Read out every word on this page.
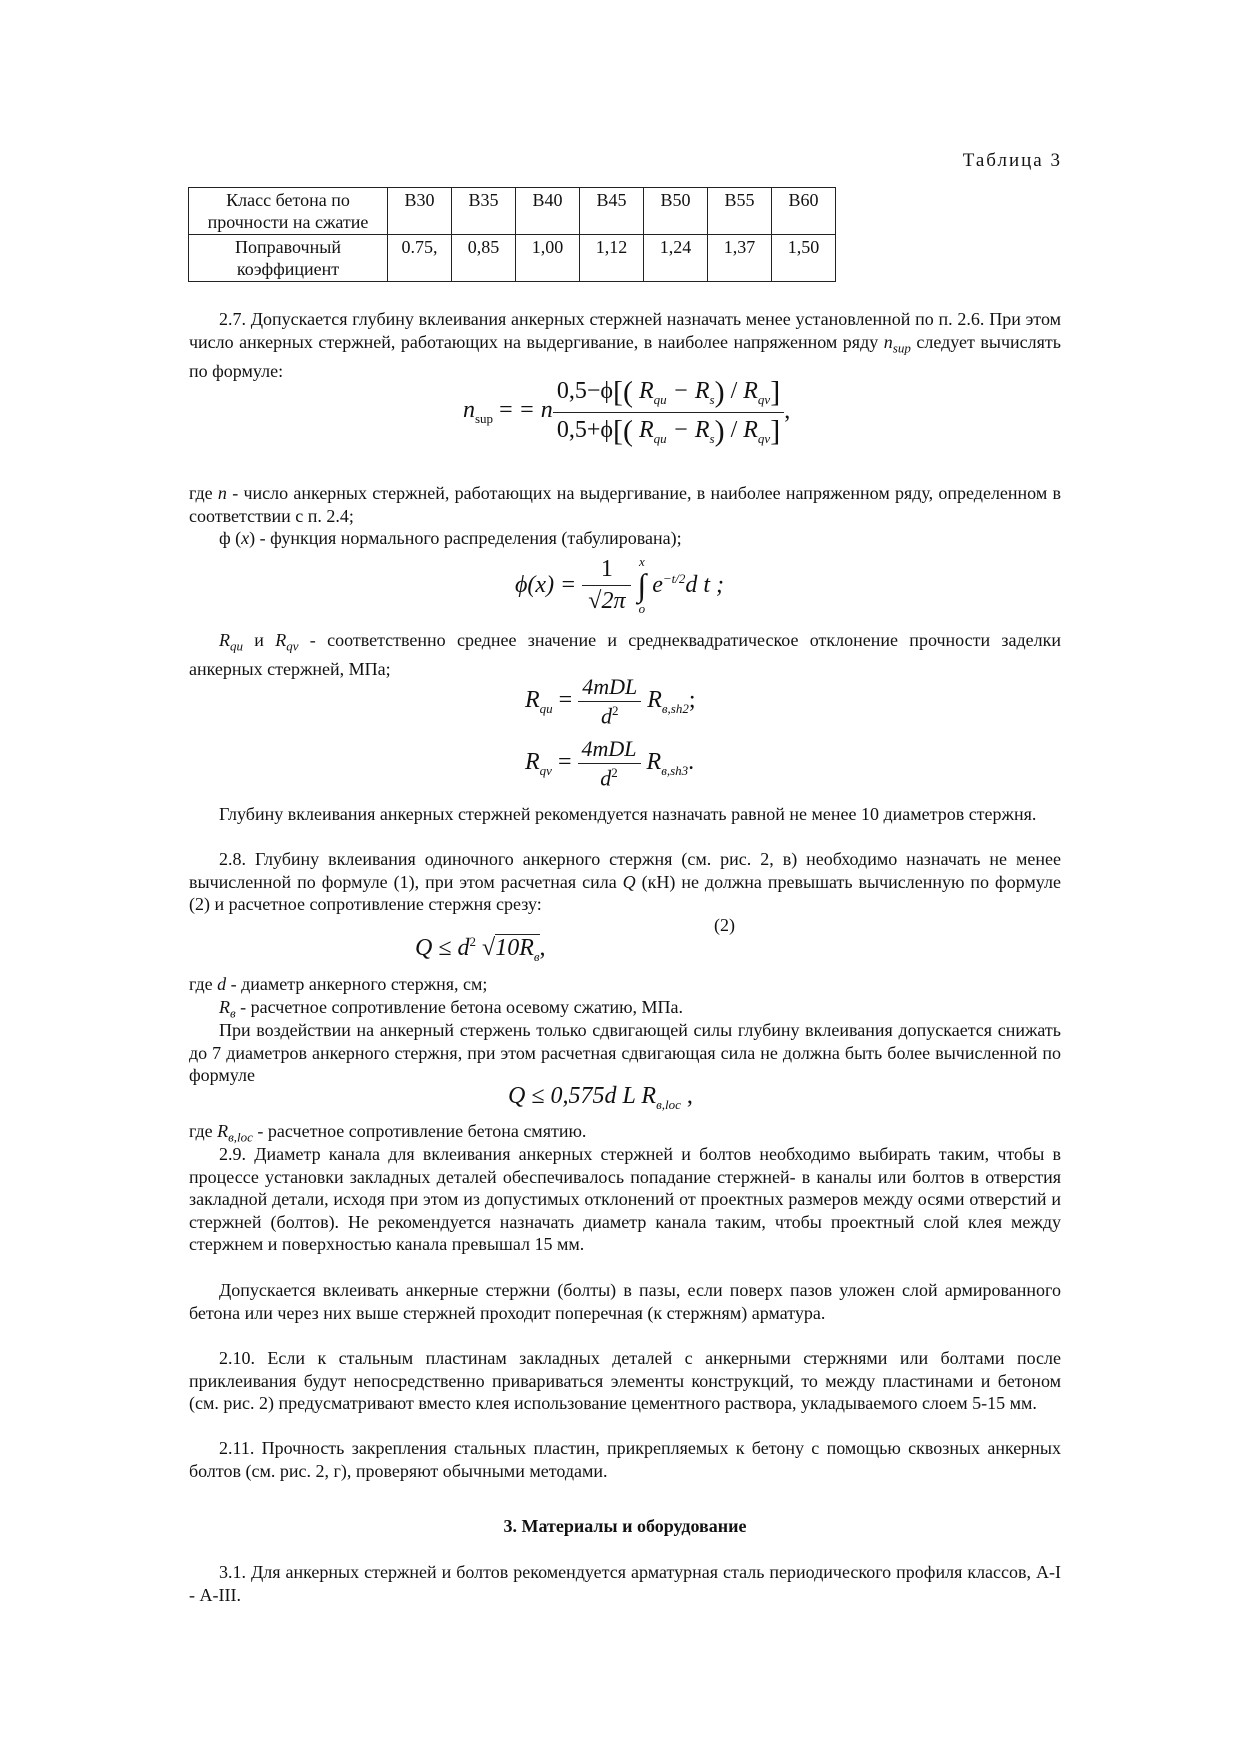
Таблица 3
Класс бетона по прочности на сжатие	В30	В35	В40	В45	В50	В55	В60
Поправочный коэффициент	0.75,	0,85	1,00	1,12	1,24	1,37	1,50

2.7. Допускается глубину вклеивания анкерных стержней назначать менее установленной по п. 2.6. При этом число анкерных стержней, работающих на выдергивание, в наиболее напряженном ряду $n_{sup}$ следует вычислять по формуле:

$n_{sup}$ = = n $\frac{0,5-\phi[( R_{qu} - R_s) / R_{qv}]}{0,5+\phi[( R_{qu} - R_s) / R_{qv}]}$ ,

где n - число анкерных стержней, работающих на выдергивание, в наиболее напряженном ряду, определенном в соответствии с п. 2.4;

ф (x) - функция нормального распределения (табулирована);

$\phi(x) = \frac{1}{√2\pi}$
x
∫
o
$e^{-t/2}d$ t ;

$R_{qu}$ и $R_{qv}$ - соответственно среднее значение и среднеквадратическое отклонение прочности заделки анкерных стержней, МПа;

$R_{qu} = \frac{\text{4mDL}}{d^2} R_{в,sh2}$;
$R_{qv} = \frac{\text{4mDL}}{d^2} R_{в,sh3}$.

Глубину вклеивания анкерных стержней рекомендуется назначать равной не менее 10 диаметров стержня.

2.8. Глубину вклеивания одиночного анкерного стержня (см. рис. 2, в) необходимо назначать не менее вычисленной по формуле (1), при этом расчетная сила Q (кН) не должна превышать вычисленную по формуле (2) и расчетное сопротивление стержня срезу:

(2)
$Q \le d^2$ $√10R_в$,

где d - диаметр анкерного стержня, см;

$R_в$ - расчетное сопротивление бетона осевому сжатию, МПа.

При воздействии на анкерный стержень только сдвигающей силы глубину вклеивания допускается снижать до 7 диаметров анкерного стержня, при этом расчетная сдвигающая сила не должна быть более вычисленной по формуле

Q ≤ 0,575d L $R_{в,loc}$ ,

где $R_{в,loc}$ - расчетное сопротивление бетона смятию.

2.9. Диаметр канала для вклеивания анкерных стержней и болтов необходимо выбирать таким, чтобы в процессе установки закладных деталей обеспечивалось попадание стержней- в каналы или болтов в отверстия закладной детали, исходя при этом из допустимых отклонений от проектных размеров между осями отверстий и стержней (болтов). Не рекомендуется назначать диаметр канала таким, чтобы проектный слой клея между стержнем и поверхностью канала превышал 15 мм.

Допускается вклеивать анкерные стержни (болты) в пазы, если поверх пазов уложен слой армированного бетона или через них выше стержней проходит поперечная (к стержням) арматура.

2.10. Если к стальным пластинам закладных деталей с анкерными стержнями или болтами после приклеивания будут непосредственно привариваться элементы конструкций, то между пластинами и бетоном (см. рис. 2) предусматривают вместо клея использование цементного раствора, укладываемого слоем 5-15 мм.

2.11. Прочность закрепления стальных пластин, прикрепляемых к бетону с помощью сквозных анкерных болтов (см. рис. 2, г), проверяют обычными методами.

3. Материалы и оборудование

3.1. Для анкерных стержней и болтов рекомендуется арматурная сталь периодического профиля классов, А-I - А-III.
